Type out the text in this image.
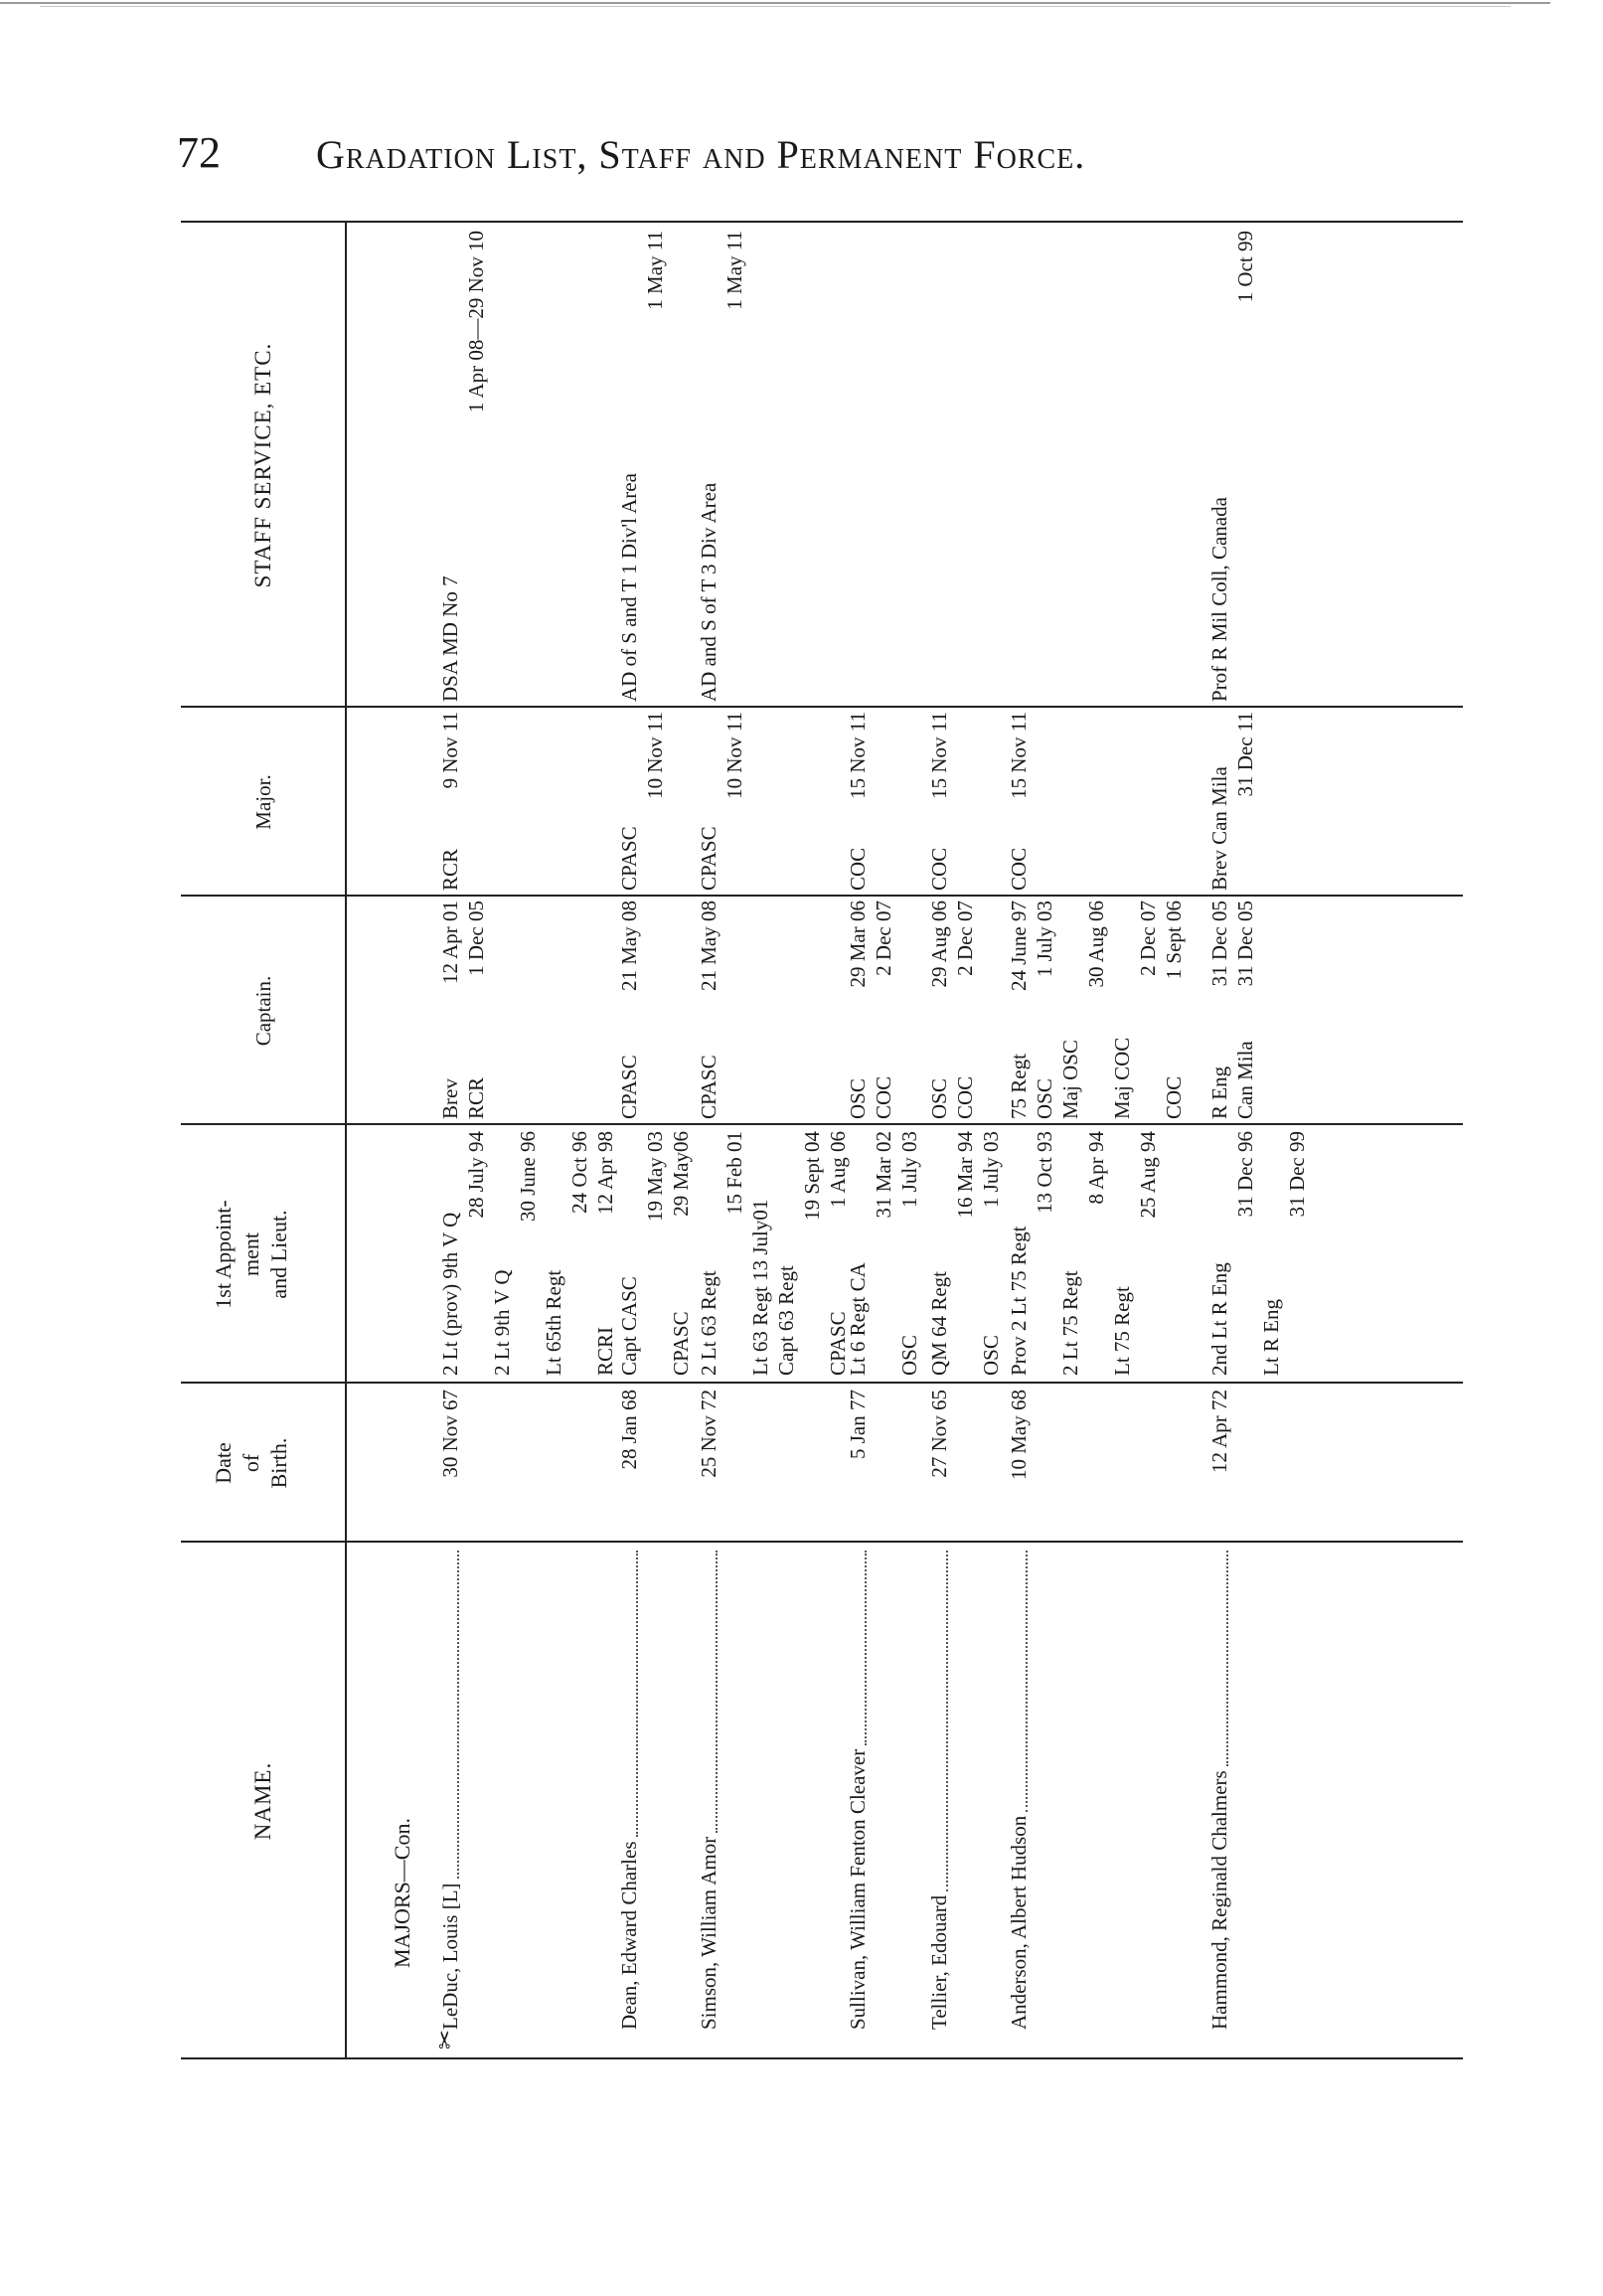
72 Gradation List, Staff and Permanent Force.
NAME.
Date of Birth.
1st Appoint- ment and Lieut.
Captain.
Major.
STAFF SERVICE, ETC.
MAJORS—Con.
✂
LeDuc, Louis [L]
30 Nov 67
2 Lt (prov) 9th V Q
28 July 94
2 Lt 9th V Q
30 June 96
Lt 65th Regt
24 Oct 96
RCRI
12 Apr 98
Brev
12 Apr 01
RCR
1 Dec 05
RCR
9 Nov 11
DSA MD No 7
1 Apr 08—29 Nov 10
Dean, Edward Charles
28 Jan 68
Capt CASC
19 May 03
CPASC
29 May06
CPASC
21 May 08
CPASC
10 Nov 11
AD of S and T 1 Div'l Area
1 May 11
Simson, William Amor
25 Nov 72
2 Lt 63 Regt
15 Feb 01
Lt 63 Regt 13 July01 Capt 63 Regt
19 Sept 04
CPASC
1 Aug 06
CPASC
21 May 08
CPASC
10 Nov 11
AD and S of T 3 Div Area
1 May 11
Sullivan, William Fenton Cleaver
5 Jan 77
Lt 6 Regt CA
31 Mar 02
OSC
1 July 03
OSC
29 Mar 06
COC
2 Dec 07
COC
15 Nov 11
Tellier, Edouard
27 Nov 65
QM 64 Regt
16 Mar 94
OSC
1 July 03
OSC
29 Aug 06
COC
2 Dec 07
COC
15 Nov 11
Anderson, Albert Hudson
10 May 68
Prov 2 Lt 75 Regt
13 Oct 93
2 Lt 75 Regt
8 Apr 94
Lt 75 Regt
25 Aug 94
75 Regt
24 June 97
OSC
1 July 03
Maj OSC
30 Aug 06
Maj COC
2 Dec 07
COC
1 Sept 06
COC
15 Nov 11
Hammond, Reginald Chalmers
12 Apr 72
2nd Lt R Eng
31 Dec 96
Lt R Eng
31 Dec 99
R Eng
31 Dec 05
Can Mila
31 Dec 05
Brev Can Mila
31 Dec 11
Prof R Mil Coll, Canada
1 Oct 99
